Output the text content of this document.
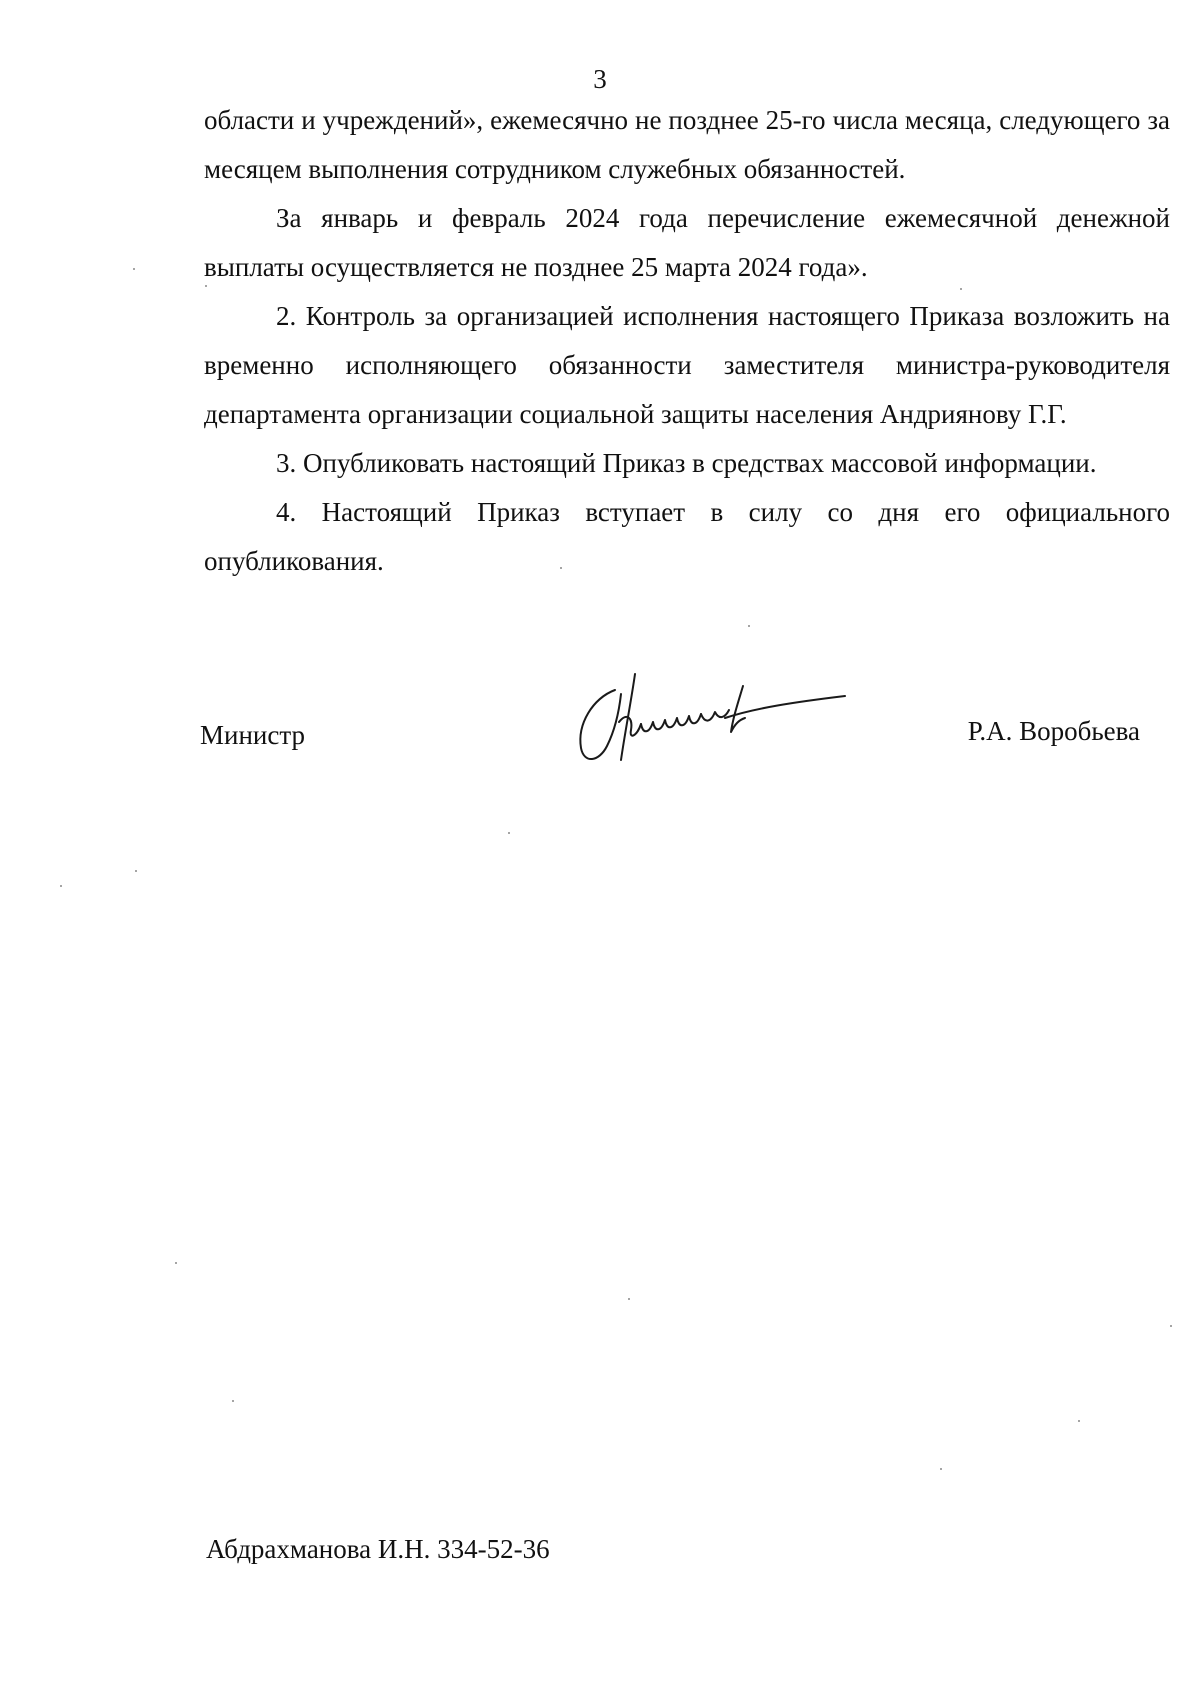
3

области и учреждений», ежемесячно не позднее 25-го числа месяца, следующего за месяцем выполнения сотрудником служебных обязанностей.

За январь и февраль 2024 года перечисление ежемесячной денежной выплаты осуществляется не позднее 25 марта 2024 года».

2. Контроль за организацией исполнения настоящего Приказа возложить на временно исполняющего обязанности заместителя министра-руководителя департамента организации социальной защиты населения Андриянову Г.Г.

3. Опубликовать настоящий Приказ в средствах массовой информации.

4. Настоящий Приказ вступает в силу со дня его официального опубликования.

Министр	Р.А. Воробьева
Абдрахманова И.Н. 334-52-36
